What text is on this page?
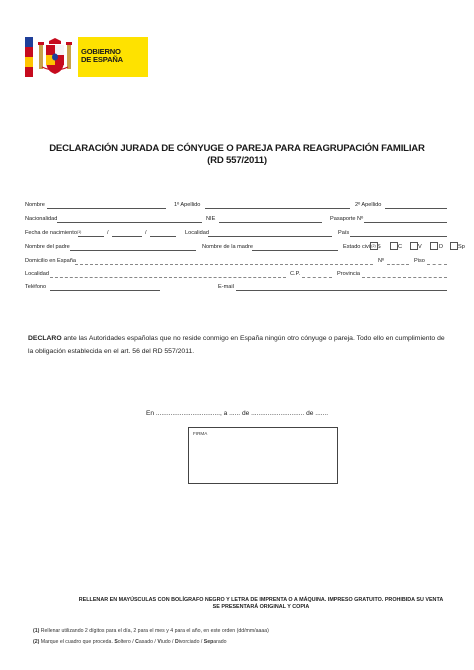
GOBIERNO
DE ESPAÑA
DECLARACIÓN JURADA DE CÓNYUGE O PAREJA PARA REAGRUPACIÓN FAMILIAR
(RD 557/2011)
Nombre	1º Apellido	2º Apellido
Nacionalidad	NIE	Pasaporte Nº
Fecha de nacimiento$^{(1)}$	/	/	Localidad	País
Nombre del padre	Nombre de la madre	Estado civil$^{(2)}$ S	C	V	D	Sp
Domicilio en España	Nº	Piso
Localidad	C.P.	Provincia
Teléfono	E-mail
DECLARO ante las Autoridades españolas que no reside conmigo en España ningún otro cónyuge o pareja. Todo ello en cumplimiento de la obligación establecida en el art. 56 del RD 557/2011.
En ..................................., a ...... de ............................. de .......
FIRMA
RELLENAR EN MAYÚSCULAS CON BOLÍGRAFO NEGRO Y LETRA DE IMPRENTA O A MÁQUINA. IMPRESO GRATUITO. PROHIBIDA SU VENTA
SE PRESENTARÁ ORIGINAL Y COPIA
(1) Rellenar utilizando 2 dígitos para el día, 2 para el mes y 4 para el año, en este orden (dd/mm/aaaa)
(2) Marque el cuadro que proceda. Soltero / Casado / Viudo / Divorciado / Separado
